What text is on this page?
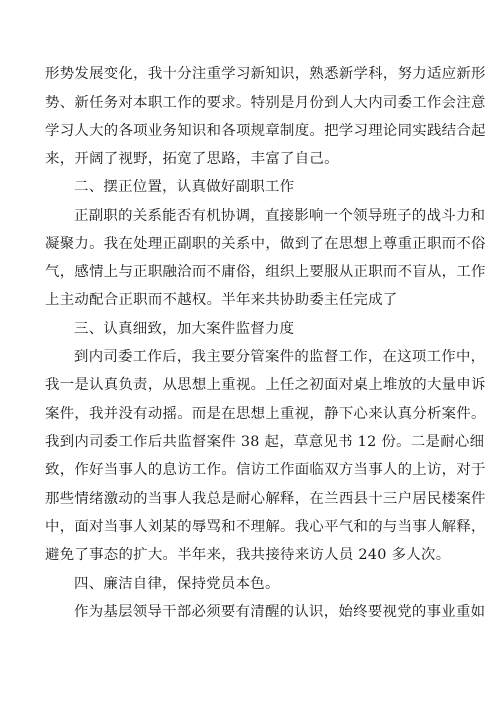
形势发展变化，我十分注重学习新知识，熟悉新学科，努力适应新形
势、新任务对本职工作的要求。特别是月份到人大内司委工作会注意
学习人大的各项业务知识和各项规章制度。把学习理论同实践结合起
来，开阔了视野，拓宽了思路，丰富了自己。
二、摆正位置，认真做好副职工作
正副职的关系能否有机协调，直接影响一个领导班子的战斗力和
凝聚力。我在处理正副职的关系中，做到了在思想上尊重正职而不俗
气，感情上与正职融洽而不庸俗，组织上要服从正职而不盲从，工作
上主动配合正职而不越权。半年来共协助委主任完成了
三、认真细致，加大案件监督力度
到内司委工作后，我主要分管案件的监督工作，在这项工作中，
我一是认真负责，从思想上重视。上任之初面对桌上堆放的大量申诉
案件，我并没有动摇。而是在思想上重视，静下心来认真分析案件。
我到内司委工作后共监督案件 38 起，草意见书 12 份。二是耐心细
致，作好当事人的息访工作。信访工作面临双方当事人的上访，对于
那些情绪激动的当事人我总是耐心解释，在兰西县十三户居民楼案件
中，面对当事人刘某的辱骂和不理解。我心平气和的与当事人解释，
避免了事态的扩大。半年来，我共接待来访人员 240 多人次。
四、廉洁自律，保持党员本色。
作为基层领导干部必须要有清醒的认识，始终要视党的事业重如
